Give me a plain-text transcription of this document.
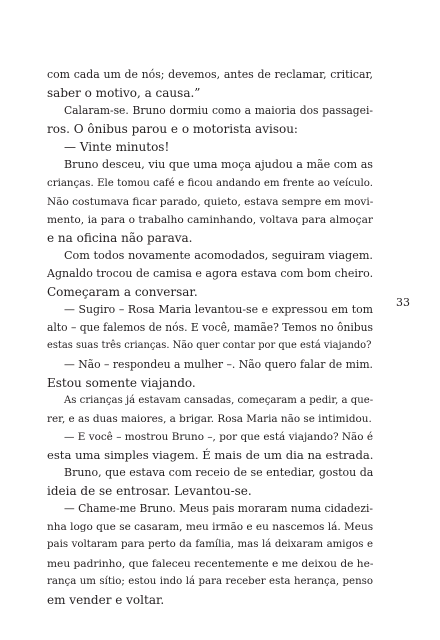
com cada um de nós; devemos, antes de reclamar, criticar,
saber o motivo, a causa.”
Calaram-se. Bruno dormiu como a maioria dos passagei-
ros. O ônibus parou e o motorista avisou:
— Vinte minutos!
Bruno desceu, viu que uma moça ajudou a mãe com as
crianças. Ele tomou café e ficou andando em frente ao veículo.
Não costumava ficar parado, quieto, estava sempre em movi-
mento, ia para o trabalho caminhando, voltava para almoçar
e na oficina não parava.
Com todos novamente acomodados, seguiram viagem.
Agnaldo trocou de camisa e agora estava com bom cheiro.
Começaram a conversar.
— Sugiro – Rosa Maria levantou-se e expressou em tom
alto – que falemos de nós. E você, mamãe? Temos no ônibus
estas suas três crianças. Não quer contar por que está viajando?
— Não – respondeu a mulher –. Não quero falar de mim.
Estou somente viajando.
As crianças já estavam cansadas, começaram a pedir, a que-
rer, e as duas maiores, a brigar. Rosa Maria não se intimidou.
— E você – mostrou Bruno –, por que está viajando? Não é
esta uma simples viagem. É mais de um dia na estrada.
Bruno, que estava com receio de se entediar, gostou da
ideia de se entrosar. Levantou-se.
— Chame-me Bruno. Meus pais moraram numa cidadezi-
nha logo que se casaram, meu irmão e eu nascemos lá. Meus
pais voltaram para perto da família, mas lá deixaram amigos e
meu padrinho, que faleceu recentemente e me deixou de he-
rança um sítio; estou indo lá para receber esta herança, penso
em vender e voltar.
33
